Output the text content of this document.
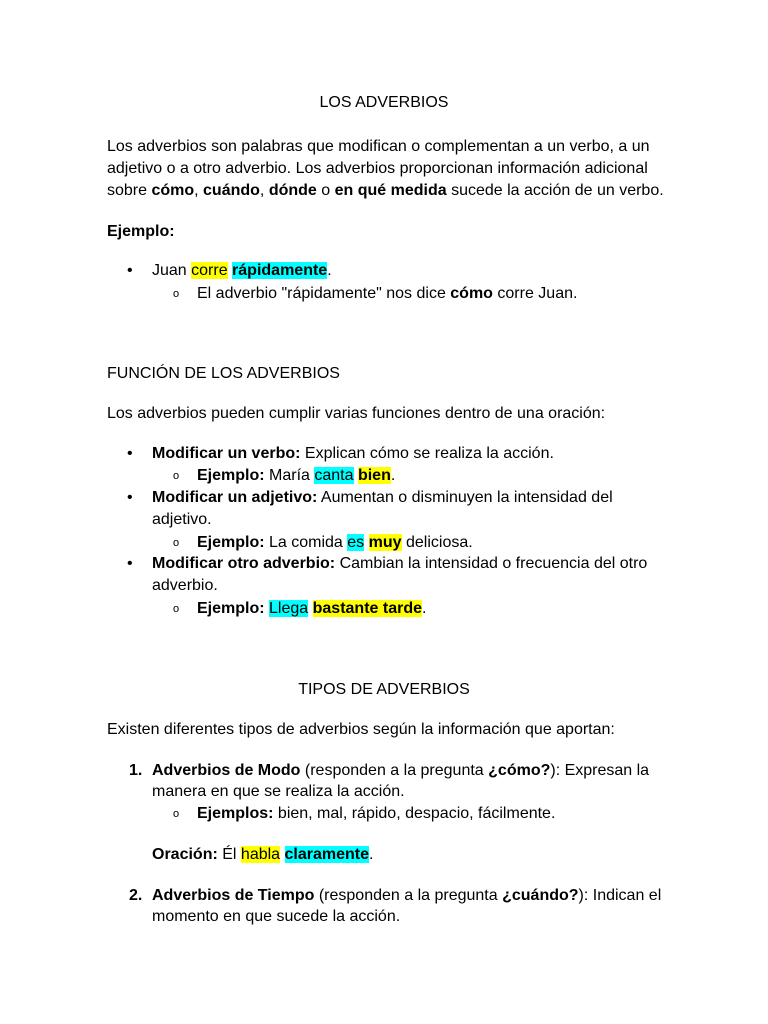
LOS ADVERBIOS
Los adverbios son palabras que modifican o complementan a un verbo, a un
adjetivo o a otro adverbio. Los adverbios proporcionan información adicional
sobre cómo, cuándo, dónde o en qué medida sucede la acción de un verbo.
Ejemplo:
• Juan corre rápidamente.
o El adverbio "rápidamente" nos dice cómo corre Juan.
FUNCIÓN DE LOS ADVERBIOS
Los adverbios pueden cumplir varias funciones dentro de una oración:
• Modificar un verbo: Explican cómo se realiza la acción.
o Ejemplo: María canta bien.
• Modificar un adjetivo: Aumentan o disminuyen la intensidad del
adjetivo.
o Ejemplo: La comida es muy deliciosa.
• Modificar otro adverbio: Cambian la intensidad o frecuencia del otro
adverbio.
o Ejemplo: Llega bastante tarde.
TIPOS DE ADVERBIOS
Existen diferentes tipos de adverbios según la información que aportan:
1. Adverbios de Modo (responden a la pregunta ¿cómo?): Expresan la
manera en que se realiza la acción.
o Ejemplos: bien, mal, rápido, despacio, fácilmente.
Oración: Él habla claramente.
2. Adverbios de Tiempo (responden a la pregunta ¿cuándo?): Indican el
momento en que sucede la acción.
